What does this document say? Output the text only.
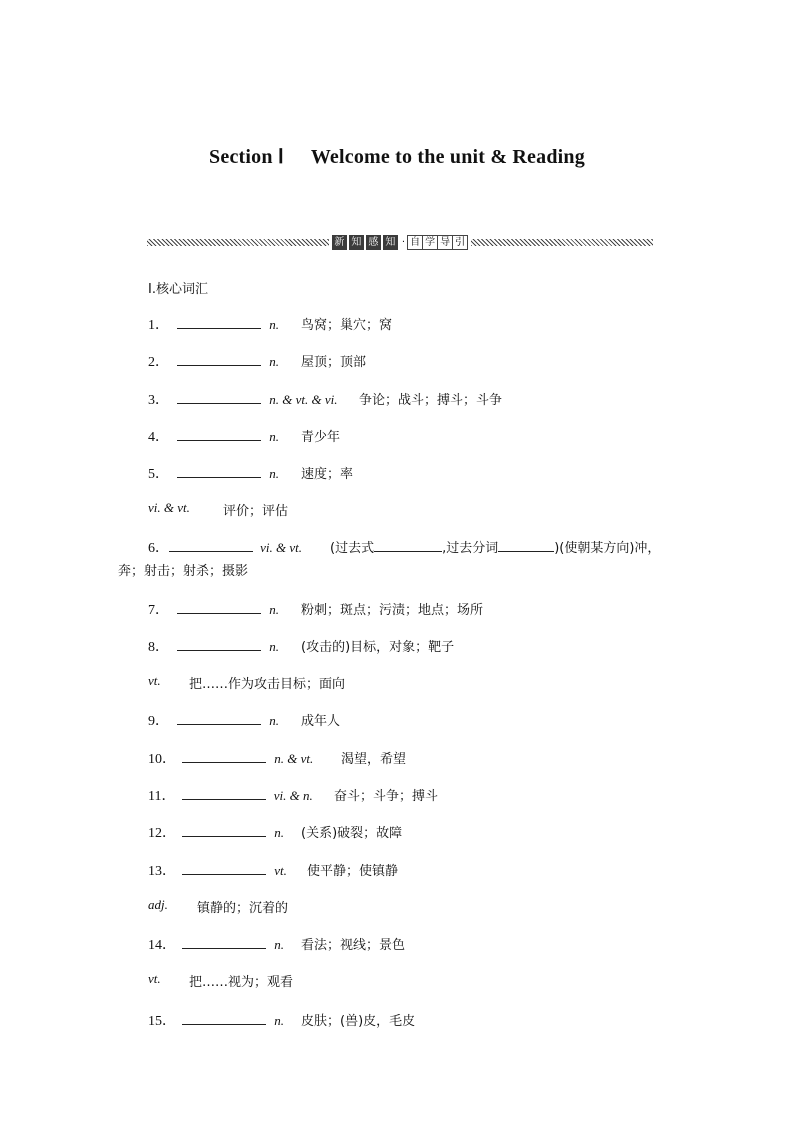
Section Ⅰ Welcome to the unit & Reading
新 知 感 知 · 自 学 导 引
Ⅰ.核心词汇
1．	n. 鸟窝；巢穴；窝
2．	n. 屋顶；顶部
3．	n. & vt. & vi. 争论；战斗；搏斗；斗争
4．	n. 青少年
5．	n. 速度；率
vi. & vt.	评价；评估
6．	vi. & vt. (过去式	,过去分词	)(使朝某方向)冲，
奔；射击；射杀；摄影
7．	n. 粉刺；斑点；污渍；地点；场所
8．	n. (攻击的)目标，对象；靶子
vt. 把……作为攻击目标；面向
9．	n. 成年人
10．	n. & vt. 渴望，希望
11．	vi. & n. 奋斗；斗争；搏斗
12．	n. (关系)破裂；故障
13．	vt. 使平静；使镇静
adj. 镇静的；沉着的
14．	n. 看法；视线；景色
vt. 把……视为；观看
15．	n. 皮肤；(兽)皮，毛皮
